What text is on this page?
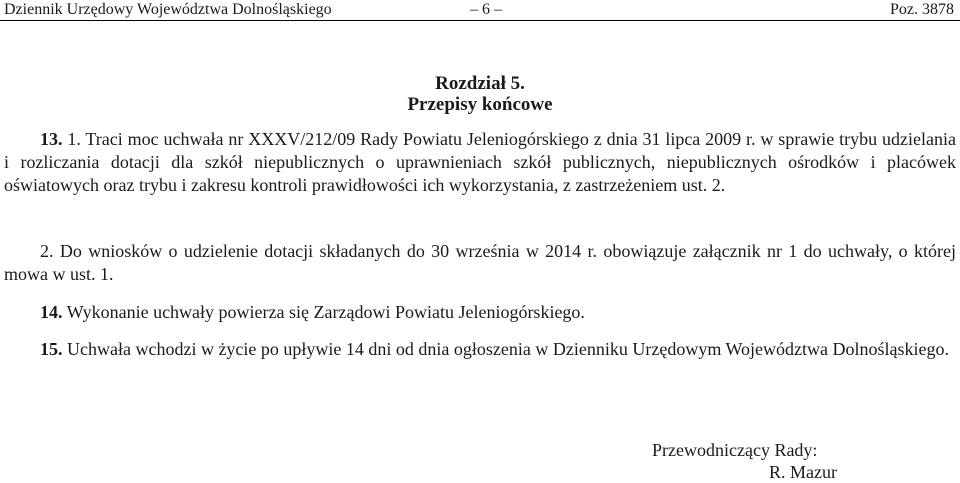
Dziennik Urzędowy Województwa Dolnośląskiego	– 6 –	Poz. 3878
Rozdział 5.
Przepisy końcowe
13. 1. Traci moc uchwała nr XXXV/212/09 Rady Powiatu Jeleniogórskiego z dnia 31 lipca 2009 r. w sprawie trybu udzielania i rozliczania dotacji dla szkół niepublicznych o uprawnieniach szkół publicznych, niepublicznych ośrodków i placówek oświatowych oraz trybu i zakresu kontroli prawidłowości ich wykorzystania, z zastrzeżeniem ust. 2.
2. Do wniosków o udzielenie dotacji składanych do 30 września w 2014 r. obowiązuje załącznik nr 1 do uchwały, o której mowa w ust. 1.
14. Wykonanie uchwały powierza się Zarządowi Powiatu Jeleniogórskiego.
15. Uchwała wchodzi w życie po upływie 14 dni od dnia ogłoszenia w Dzienniku Urzędowym Województwa Dolnośląskiego.
Przewodniczący Rady:
R. Mazur
